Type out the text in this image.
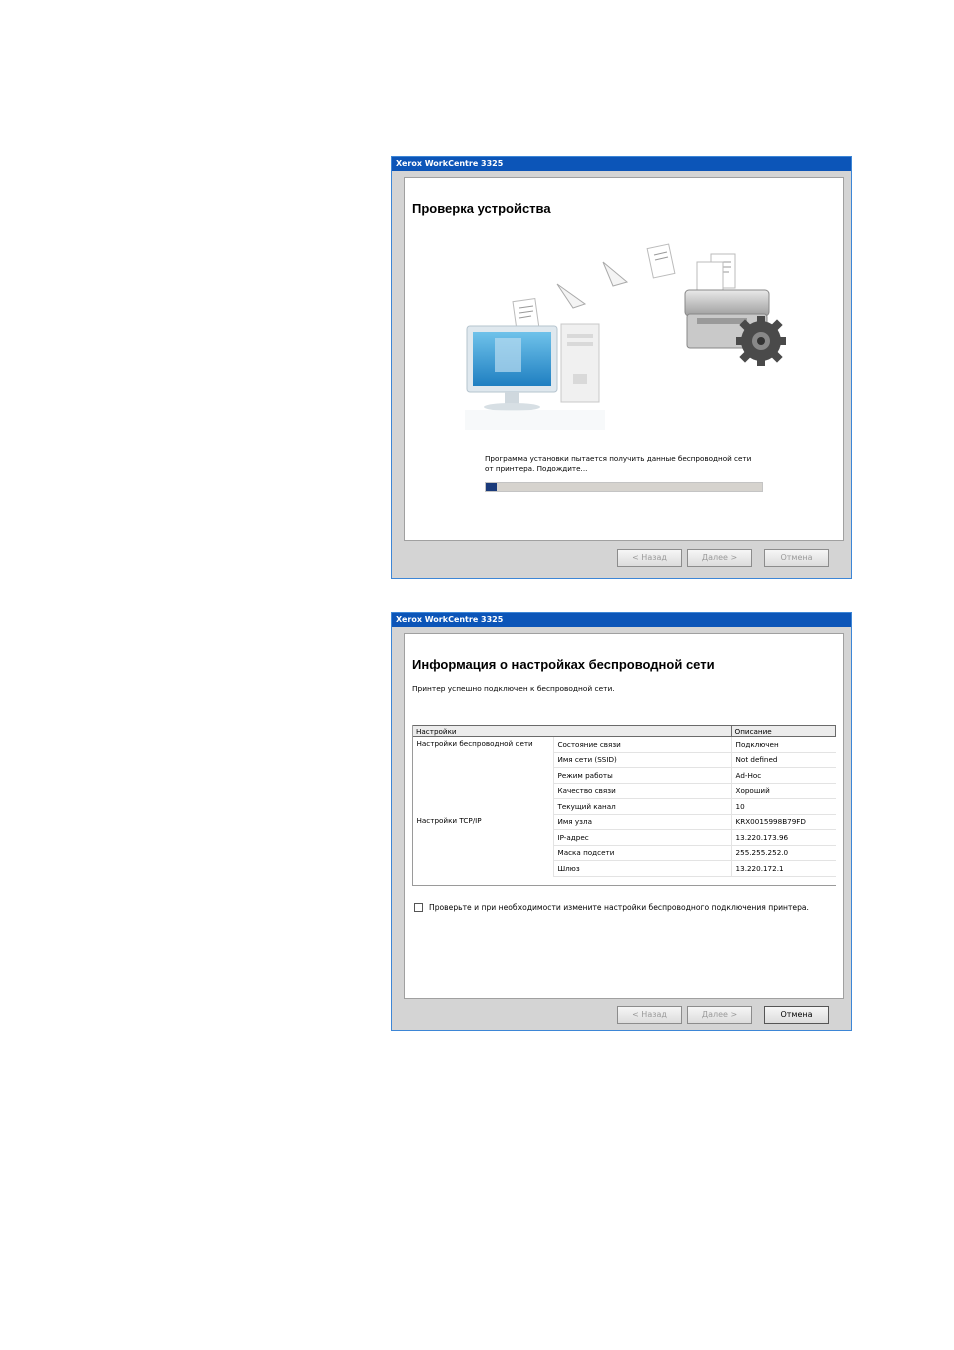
Xerox WorkCentre 3325
Проверка устройства
Программа установки пытается получить данные беспроводной сети
от принтера. Подождите...
< Назад	Далее >	Отмена
Xerox WorkCentre 3325
Информация о настройках беспроводной сети
Принтер успешно подключен к беспроводной сети.
Настройки		Описание
Настройки беспроводной сети	Состояние связи	Подключен
	Имя сети (SSID)	Not defined
	Режим работы	Ad-Hoc
	Качество связи	Хороший
	Текущий канал	10
Настройки TCP/IP	Имя узла	KRX0015998B79FD
	IP-адрес	13.220.173.96
	Маска подсети	255.255.252.0
	Шлюз	13.220.172.1
Проверьте и при необходимости измените настройки беспроводного подключения принтера.
< Назад	Далее >	Отмена
